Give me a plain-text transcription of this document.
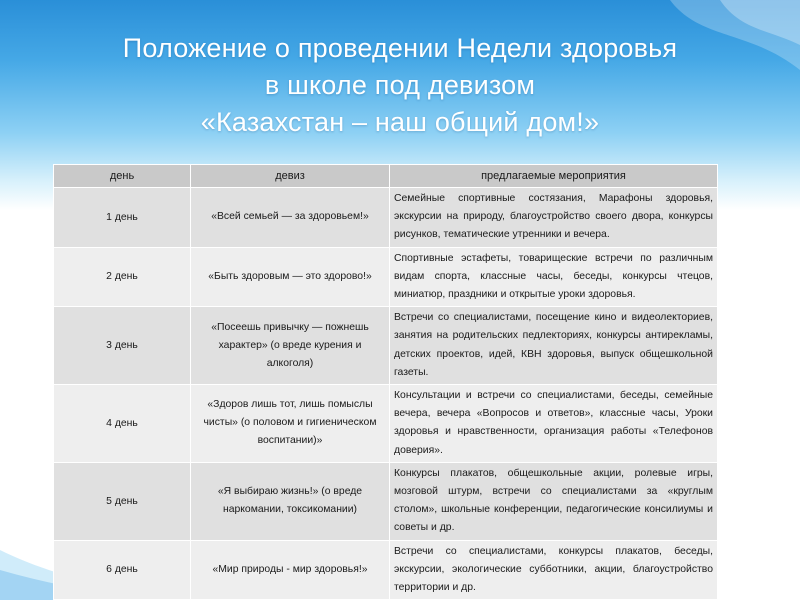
Положение о проведении Недели здоровья
в школе под девизом
«Казахстан – наш общий дом!»
день	девиз	предлагаемые мероприятия
1 день	«Всей семьей — за здоровьем!»	Семейные спортивные состязания, Марафоны здоровья, экскурсии на природу, благоустройство своего двора, конкурсы рисунков, тематические утренники и вечера.
2 день	«Быть здоровым — это здорово!»	Спортивные эстафеты, товарищеские встречи по различным видам спорта, классные часы, беседы, конкурсы чтецов, миниатюр, праздники и открытые уроки здоровья.
3 день	«Посеешь привычку — пожнешь характер» (о вреде курения и алкоголя)	Встречи со специалистами, посещение кино и видеолекториев, занятия на родительских педлекториях, конкурсы антирекламы, детских проектов, идей, КВН здоровья, выпуск общешкольной газеты.
4 день	«Здоров лишь тот, лишь помыслы чисты» (о половом и гигиеническом воспитании)»	Консультации и встречи со специалистами, беседы, семейные вечера, вечера «Вопросов и ответов», классные часы, Уроки здоровья и нравственности, организация работы «Телефонов доверия».
5 день	«Я выбираю жизнь!» (о вреде наркомании, токсикомании)	Конкурсы плакатов, общешкольные акции, ролевые игры, мозговой штурм, встречи со специалистами за «круглым столом», школьные конференции, педагогические консилиумы и советы и др.
6 день	«Мир природы - мир здоровья!»	Встречи со специалистами, конкурсы плакатов, беседы, экскурсии, экологические субботники, акции, благоустройство территории и др.
